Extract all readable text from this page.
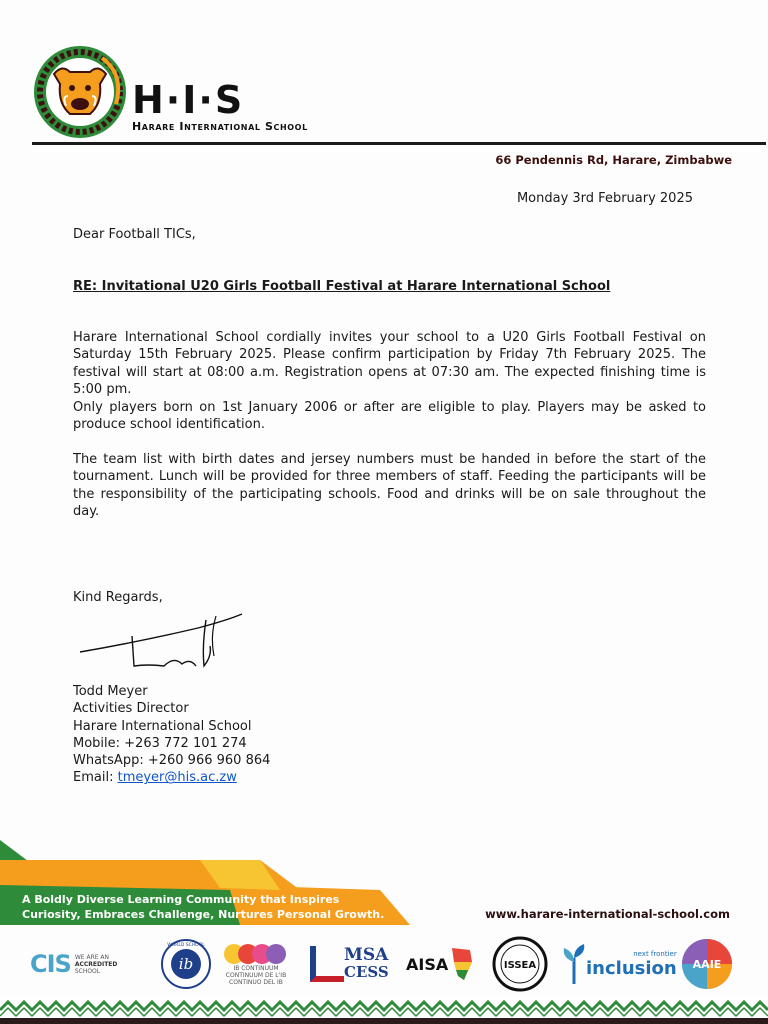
H·I·S
Harare International School
66 Pendennis Rd, Harare, Zimbabwe
Monday 3rd February 2025
Dear Football TICs,
RE: Invitational U20 Girls Football Festival at Harare International School
Harare International School cordially invites your school to a U20 Girls Football Festival on Saturday 15th February 2025. Please confirm participation by Friday 7th February 2025. The festival will start at 08:00 a.m. Registration opens at 07:30 am. The expected finishing time is 5:00 pm.
Only players born on 1st January 2006 or after are eligible to play. Players may be asked to produce school identification.
The team list with birth dates and jersey numbers must be handed in before the start of the tournament. Lunch will be provided for three members of staff. Feeding the participants will be the responsibility of the participating schools. Food and drinks will be on sale throughout the day.
Kind Regards,
Todd Meyer
Activities Director
Harare International School
Mobile: +263 772 101 274
WhatsApp: +260 966 960 864
Email: tmeyer@his.ac.zw
A Boldly Diverse Learning Community that Inspires
Curiosity, Embraces Challenge, Nurtures Personal Growth.	www.harare-international-school.com
CIS WE ARE AN
ACCREDITED
SCHOOL	ib
WORLD SCHOOL
IB CONTINUUM
CONTINUUM DE L'IB
CONTINUO DEL IB
MSA
CESS AISA	ISSEA
next frontier
inclusion AAIE
